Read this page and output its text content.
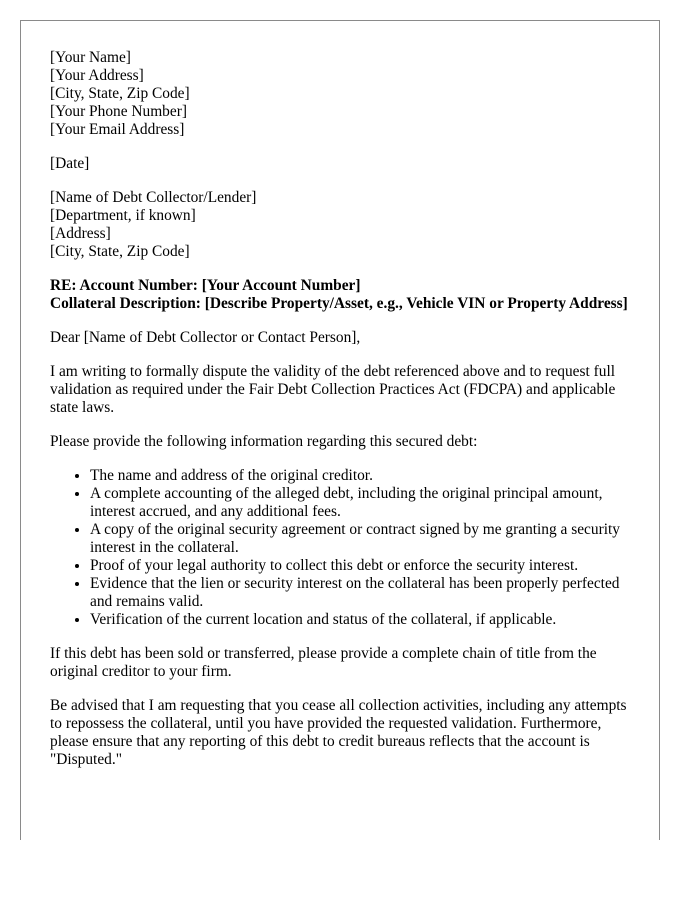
[Your Name]
[Your Address]
[City, State, Zip Code]
[Your Phone Number]
[Your Email Address]
[Date]
[Name of Debt Collector/Lender]
[Department, if known]
[Address]
[City, State, Zip Code]
RE: Account Number: [Your Account Number]
Collateral Description: [Describe Property/Asset, e.g., Vehicle VIN or Property Address]

Dear [Name of Debt Collector or Contact Person],

I am writing to formally dispute the validity of the debt referenced above and to request full validation as required under the Fair Debt Collection Practices Act (FDCPA) and applicable state laws.

Please provide the following information regarding this secured debt:

• The name and address of the original creditor.
• A complete accounting of the alleged debt, including the original principal amount, interest accrued, and any additional fees.
• A copy of the original security agreement or contract signed by me granting a security interest in the collateral.
• Proof of your legal authority to collect this debt or enforce the security interest.
• Evidence that the lien or security interest on the collateral has been properly perfected and remains valid.
• Verification of the current location and status of the collateral, if applicable.

If this debt has been sold or transferred, please provide a complete chain of title from the original creditor to your firm.

Be advised that I am requesting that you cease all collection activities, including any attempts to repossess the collateral, until you have provided the requested validation. Furthermore, please ensure that any reporting of this debt to credit bureaus reflects that the account is "Disputed."
